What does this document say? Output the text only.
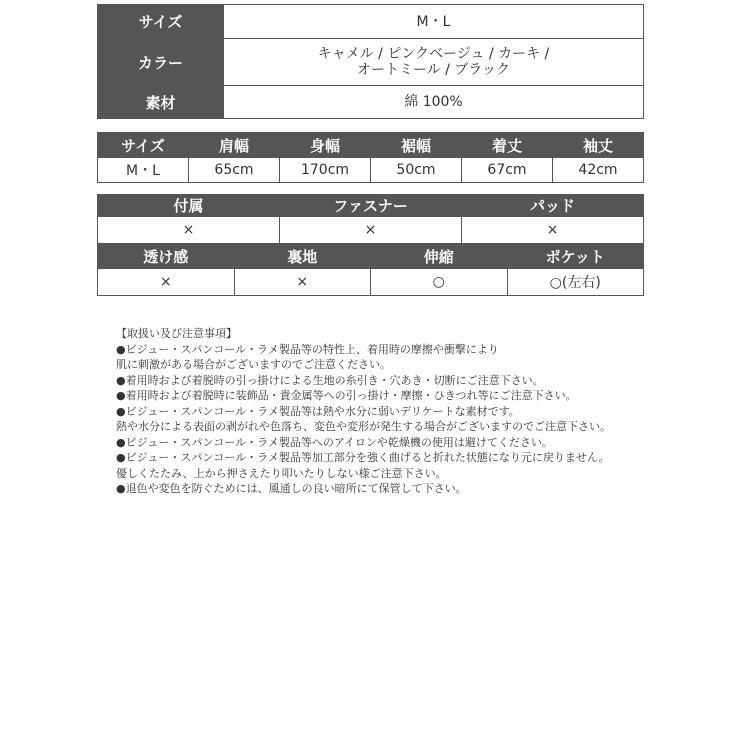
サイズ	M・L

カラー	キャメル / ピンクベージュ / カーキ /
オートミール / ブラック

素材	綿 100%
サイズ	肩幅	身幅	裾幅	着丈	袖丈
M・L	65cm	170cm	50cm	67cm	42cm
付属	ファスナー	パッド
×	×	×
透け感	裏地	伸縮	ポケット
×	×	○	○(左右)
【取扱い及び注意事項】
●ビジュー・スパンコール・ラメ製品等の特性上、着用時の摩擦や衝撃により
肌に刺激がある場合がございますのでご注意ください。
●着用時および着脱時の引っ掛けによる生地の糸引き・穴あき・切断にご注意下さい。
●着用時および着脱時に装飾品・貴金属等への引っ掛け・摩擦・ひきつれ等にご注意下さい。
●ビジュー・スパンコール・ラメ製品等は熱や水分に弱いデリケートな素材です。
熱や水分による表面の剥がれや色落ち、変色や変形が発生する場合がございますのでご注意下さい。
●ビジュー・スパンコール・ラメ製品等へのアイロンや乾燥機の使用は避けてください。
●ビジュー・スパンコール・ラメ製品等加工部分を強く曲げると折れた状態になり元に戻りません。
優しくたたみ、上から押さえたり叩いたりしない様ご注意下さい。
●退色や変色を防ぐためには、風通しの良い暗所にて保管して下さい。
